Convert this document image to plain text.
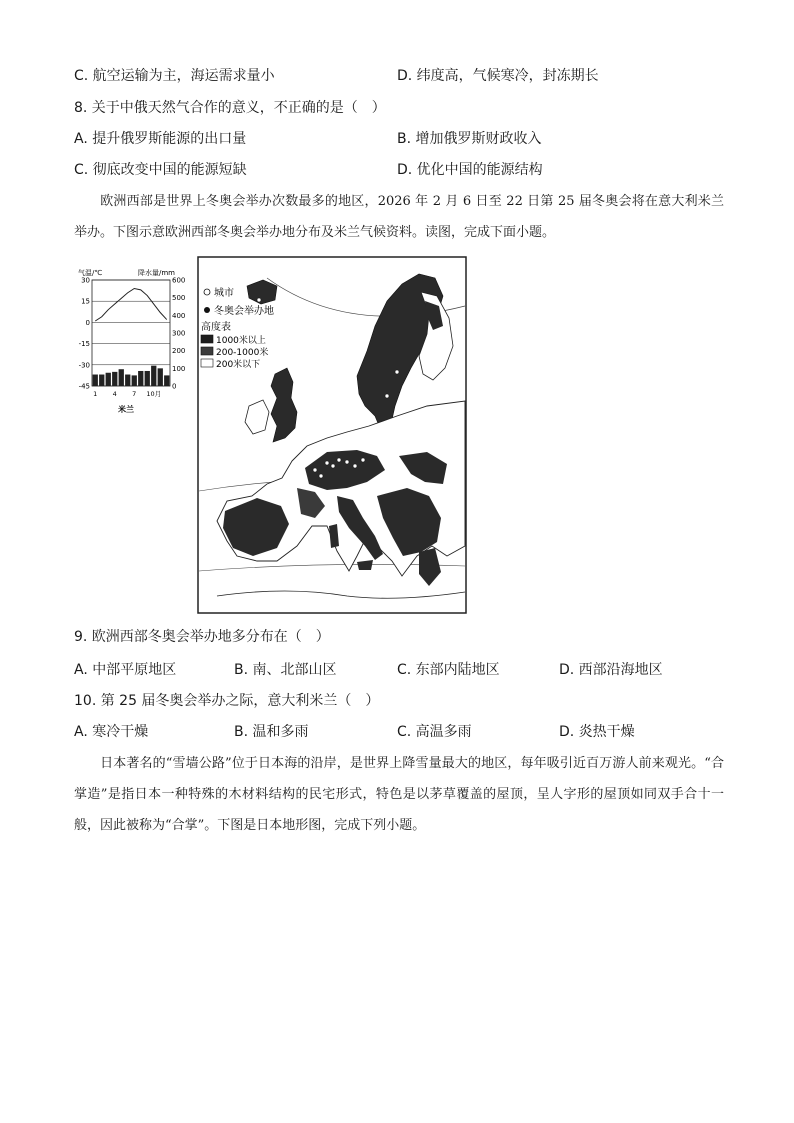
C. 航空运输为主，海运需求量小	D. 纬度高，气候寒冷，封冻期长
8. 关于中俄天然气合作的意义，不正确的是（　）
A. 提升俄罗斯能源的出口量	B. 增加俄罗斯财政收入
C. 彻底改变中国的能源短缺	D. 优化中国的能源结构
欧洲西部是世界上冬奥会举办次数最多的地区，2026 年 2 月 6 日至 22 日第 25 届冬奥会将在意大利米兰举办。下图示意欧洲西部冬奥会举办地分布及米兰气候资料。读图，完成下面小题。
气温/℃	降水量/mm
30
15
0
-15
-30
-45
600
500
400
300
200
100
0
1 4 7 10月
米兰
城市
冬奥会举办地
高度表
1000米以上
200-1000米
200米以下
9. 欧洲西部冬奥会举办地多分布在（　）
A. 中部平原地区	B. 南、北部山区	C. 东部内陆地区	D. 西部沿海地区
10. 第 25 届冬奥会举办之际，意大利米兰（　）
A. 寒冷干燥	B. 温和多雨	C. 高温多雨	D. 炎热干燥
日本著名的“雪墙公路”位于日本海的沿岸，是世界上降雪量最大的地区，每年吸引近百万游人前来观光。“合掌造”是指日本一种特殊的木材料结构的民宅形式，特色是以茅草覆盖的屋顶，呈人字形的屋顶如同双手合十一般，因此被称为“合掌”。下图是日本地形图，完成下列小题。
